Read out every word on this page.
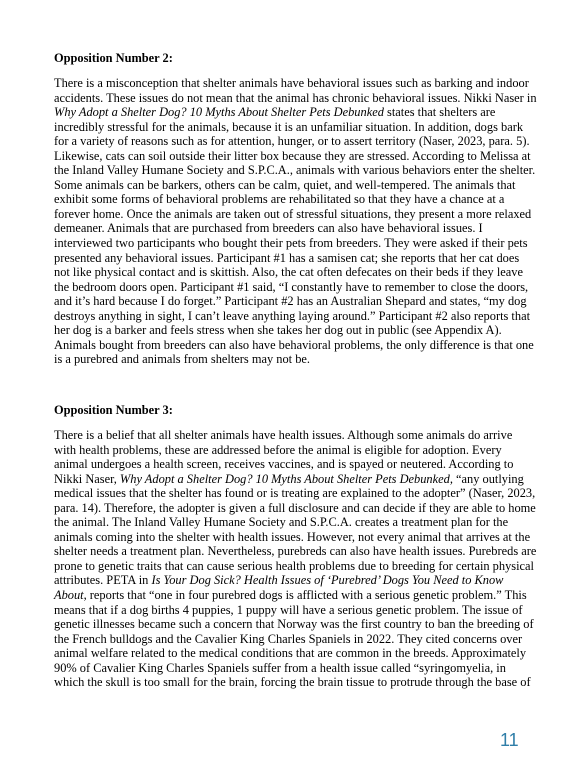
Opposition Number 2:
There is a misconception that shelter animals have behavioral issues such as barking and indoor
accidents. These issues do not mean that the animal has chronic behavioral issues. Nikki Naser in
Why Adopt a Shelter Dog? 10 Myths About Shelter Pets Debunked states that shelters are
incredibly stressful for the animals, because it is an unfamiliar situation. In addition, dogs bark
for a variety of reasons such as for attention, hunger, or to assert territory (Naser, 2023, para. 5).
Likewise, cats can soil outside their litter box because they are stressed. According to Melissa at
the Inland Valley Humane Society and S.P.C.A., animals with various behaviors enter the shelter.
Some animals can be barkers, others can be calm, quiet, and well-tempered. The animals that
exhibit some forms of behavioral problems are rehabilitated so that they have a chance at a
forever home. Once the animals are taken out of stressful situations, they present a more relaxed
demeaner. Animals that are purchased from breeders can also have behavioral issues. I
interviewed two participants who bought their pets from breeders. They were asked if their pets
presented any behavioral issues. Participant #1 has a samisen cat; she reports that her cat does
not like physical contact and is skittish. Also, the cat often defecates on their beds if they leave
the bedroom doors open. Participant #1 said, “I constantly have to remember to close the doors,
and it’s hard because I do forget.” Participant #2 has an Australian Shepard and states, “my dog
destroys anything in sight, I can’t leave anything laying around.” Participant #2 also reports that
her dog is a barker and feels stress when she takes her dog out in public (see Appendix A).
Animals bought from breeders can also have behavioral problems, the only difference is that one
is a purebred and animals from shelters may not be.
Opposition Number 3:
There is a belief that all shelter animals have health issues. Although some animals do arrive
with health problems, these are addressed before the animal is eligible for adoption. Every
animal undergoes a health screen, receives vaccines, and is spayed or neutered. According to
Nikki Naser, Why Adopt a Shelter Dog? 10 Myths About Shelter Pets Debunked, “any outlying
medical issues that the shelter has found or is treating are explained to the adopter” (Naser, 2023,
para. 14). Therefore, the adopter is given a full disclosure and can decide if they are able to home
the animal. The Inland Valley Humane Society and S.P.C.A. creates a treatment plan for the
animals coming into the shelter with health issues. However, not every animal that arrives at the
shelter needs a treatment plan. Nevertheless, purebreds can also have health issues. Purebreds are
prone to genetic traits that can cause serious health problems due to breeding for certain physical
attributes. PETA in Is Your Dog Sick? Health Issues of ‘Purebred’ Dogs You Need to Know
About, reports that “one in four purebred dogs is afflicted with a serious genetic problem.” This
means that if a dog births 4 puppies, 1 puppy will have a serious genetic problem. The issue of
genetic illnesses became such a concern that Norway was the first country to ban the breeding of
the French bulldogs and the Cavalier King Charles Spaniels in 2022. They cited concerns over
animal welfare related to the medical conditions that are common in the breeds. Approximately
90% of Cavalier King Charles Spaniels suffer from a health issue called “syringomyelia, in
which the skull is too small for the brain, forcing the brain tissue to protrude through the base of
11
